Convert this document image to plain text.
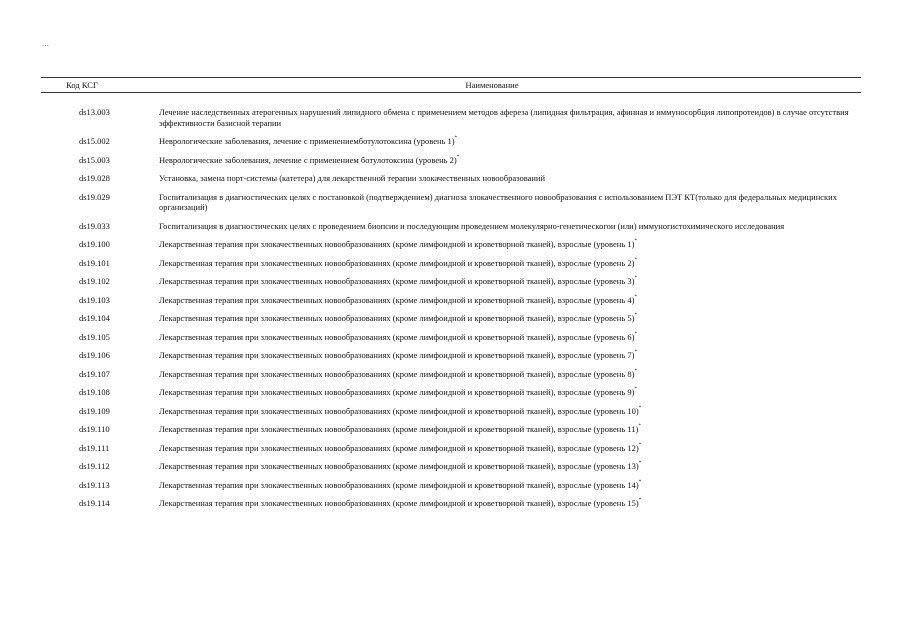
…
Код КСГ	Наименование
ds13.003	Лечение наследственных атерогенных нарушений липидного обмена с применением методов афереза (липидная фильтрация, афинная и иммуносорбция липопротеидов) в случае отсутствия эффективности базисной терапии
ds15.002	Неврологические заболевания, лечение с применениемботулотоксина (уровень 1)*
ds15.003	Неврологические заболевания, лечение с применением ботулотоксина (уровень 2)*
ds19.028	Установка, замена порт-системы (катетера) для лекарственной терапии злокачественных новообразований
ds19.029	Госпитализация в диагностических целях с постановкой (подтверждением) диагноза злокачественного новообразования с использованием ПЭТ КТ(только для федеральных медицинских организаций)
ds19.033	Госпитализация в диагностических целях с проведением биопсии и последующим проведением молекулярно-генетическогои (или) иммуногистохимического исследования
ds19.100	Лекарственная терапия при злокачественных новообразованиях (кроме лимфоидной и кроветворной тканей), взрослые (уровень 1)*
ds19.101	Лекарственная терапия при злокачественных новообразованиях (кроме лимфоидной и кроветворной тканей), взрослые (уровень 2)*
ds19.102	Лекарственная терапия при злокачественных новообразованиях (кроме лимфоидной и кроветворной тканей), взрослые (уровень 3)*
ds19.103	Лекарственная терапия при злокачественных новообразованиях (кроме лимфоидной и кроветворной тканей), взрослые (уровень 4)*
ds19.104	Лекарственная терапия при злокачественных новообразованиях (кроме лимфоидной и кроветворной тканей), взрослые (уровень 5)*
ds19.105	Лекарственная терапия при злокачественных новообразованиях (кроме лимфоидной и кроветворной тканей), взрослые (уровень 6)*
ds19.106	Лекарственная терапия при злокачественных новообразованиях (кроме лимфоидной и кроветворной тканей), взрослые (уровень 7)*
ds19.107	Лекарственная терапия при злокачественных новообразованиях (кроме лимфоидной и кроветворной тканей), взрослые (уровень 8)*
ds19.108	Лекарственная терапия при злокачественных новообразованиях (кроме лимфоидной и кроветворной тканей), взрослые (уровень 9)*
ds19.109	Лекарственная терапия при злокачественных новообразованиях (кроме лимфоидной и кроветворной тканей), взрослые (уровень 10)*
ds19.110	Лекарственная терапия при злокачественных новообразованиях (кроме лимфоидной и кроветворной тканей), взрослые (уровень 11)*
ds19.111	Лекарственная терапия при злокачественных новообразованиях (кроме лимфоидной и кроветворной тканей), взрослые (уровень 12)*
ds19.112	Лекарственная терапия при злокачественных новообразованиях (кроме лимфоидной и кроветворной тканей), взрослые (уровень 13)*
ds19.113	Лекарственная терапия при злокачественных новообразованиях (кроме лимфоидной и кроветворной тканей), взрослые (уровень 14)*
ds19.114	Лекарственная терапия при злокачественных новообразованиях (кроме лимфоидной и кроветворной тканей), взрослые (уровень 15)*
